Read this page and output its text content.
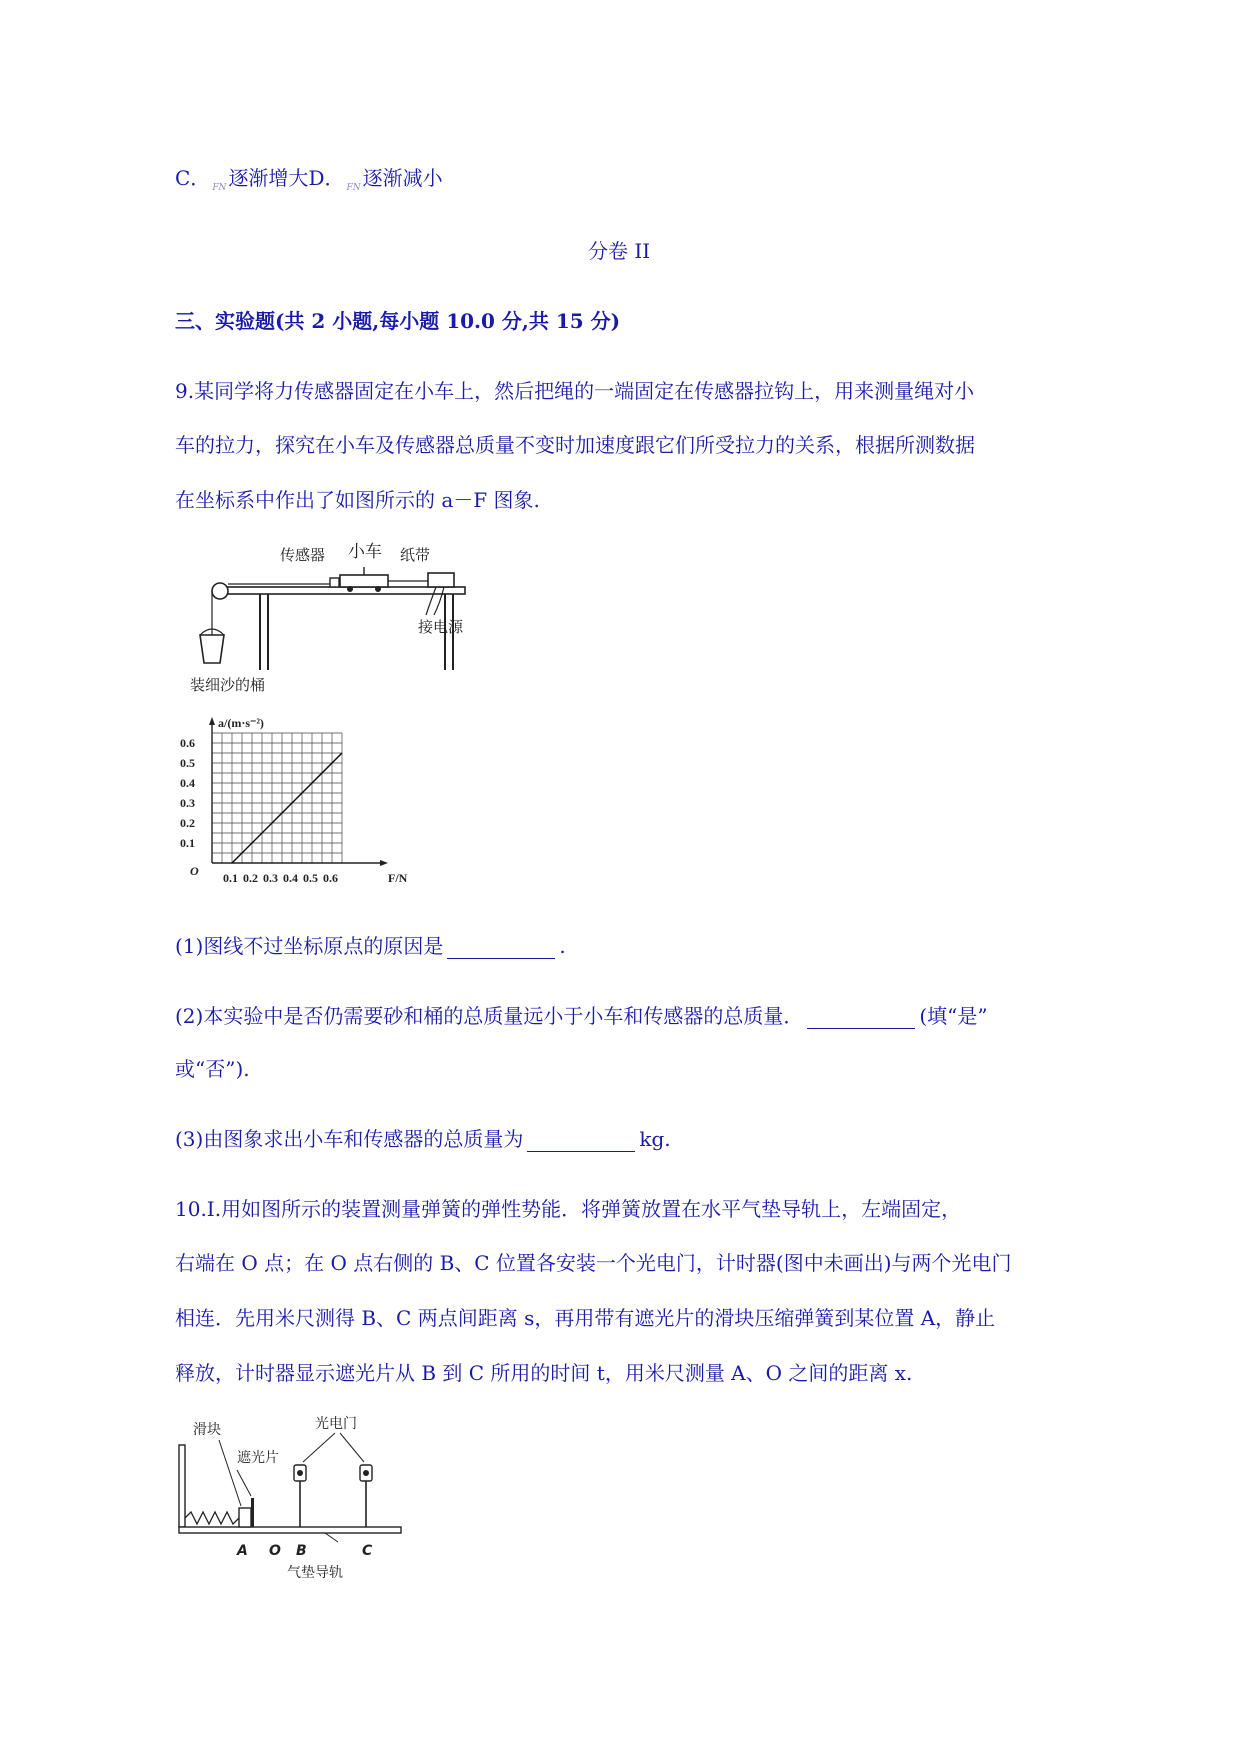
C． $_{FN}$ 逐渐增大D． $_{FN}$ 逐渐减小
分卷 II
三、实验题(共 2 小题,每小题 10.0 分,共 15 分)
9.某同学将力传感器固定在小车上，然后把绳的一端固定在传感器拉钩上，用来测量绳对小
车的拉力，探究在小车及传感器总质量不变时加速度跟它们所受拉力的关系，根据所测数据
在坐标系中作出了如图所示的 a－F 图象.
传感器 小车 纸带
接电源
装细沙的桶
0.1 0.2 0.3 0.4 0.5 0.6
0.1
0.2
0.3
0.4
0.5
0.6
O	F/N
a/(m·s⁻²)
(1)图线不过坐标原点的原因是	.
(2)本实验中是否仍需要砂和桶的总质量远小于小车和传感器的总质量．	(填“是”
或“否”).
(3)由图象求出小车和传感器的总质量为	kg.
10.Ⅰ.用如图所示的装置测量弹簧的弹性势能．将弹簧放置在水平气垫导轨上，左端固定，
右端在 O 点；在 O 点右侧的 B、C 位置各安装一个光电门，计时器(图中未画出)与两个光电门
相连．先用米尺测得 B、C 两点间距离 s，再用带有遮光片的滑块压缩弹簧到某位置 A，静止
释放，计时器显示遮光片从 B 到 C 所用的时间 t，用米尺测量 A、O 之间的距离 x.
滑块
遮光片
光电门
A O B	C
气垫导轨
